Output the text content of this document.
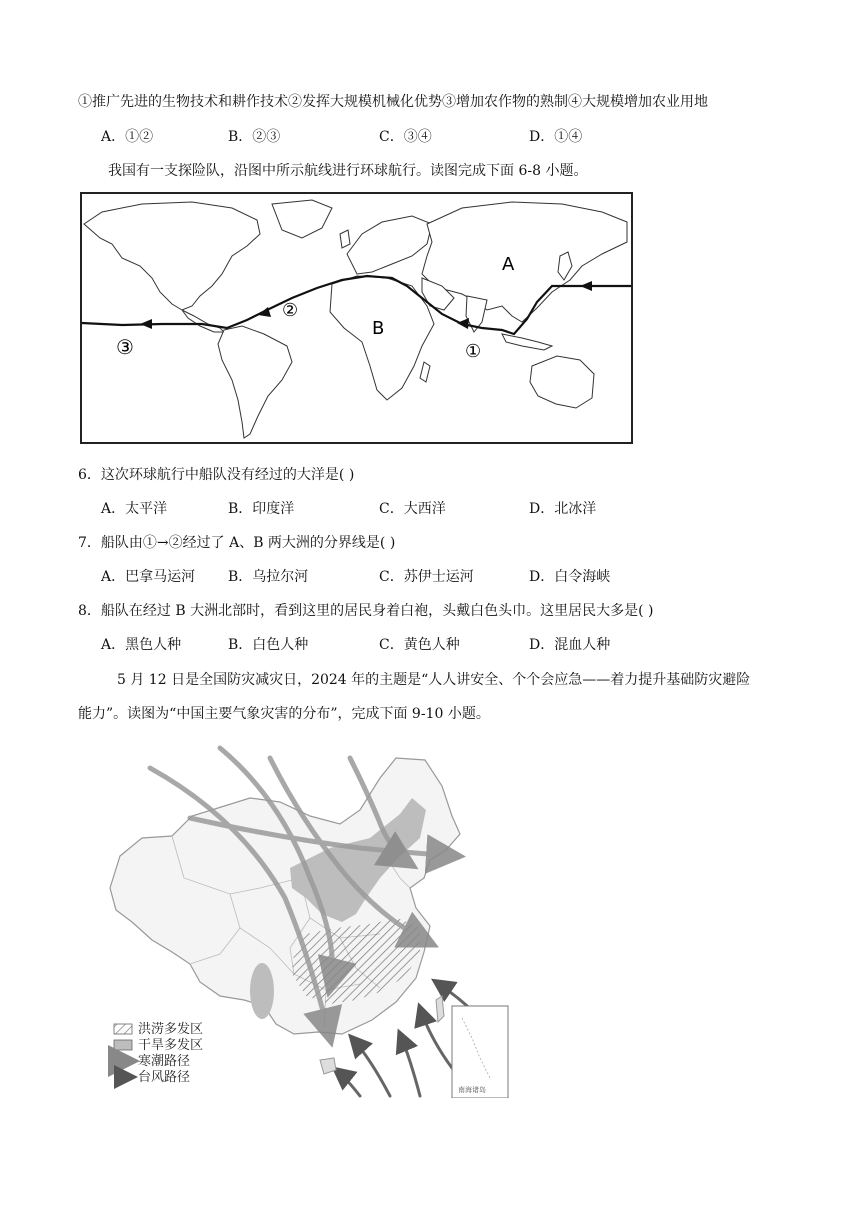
①推广先进的生物技术和耕作技术②发挥大规模机械化优势③增加农作物的熟制④大规模增加农业用地
A．①②	B．②③	C．③④	D．①④
我国有一支探险队，沿图中所示航线进行环球航行。读图完成下面 6-8 小题。
A
B
①
②
③
6．这次环球航行中船队没有经过的大洋是( )
A．太平洋	B．印度洋	C．大西洋	D．北冰洋
7．船队由①→②经过了 A、B 两大洲的分界线是( )
A．巴拿马运河 B．乌拉尔河	C．苏伊士运河	D．白令海峡
8．船队在经过 B 大洲北部时，看到这里的居民身着白袍，头戴白色头巾。这里居民大多是( )
A．黑色人种	B．白色人种	C．黄色人种	D．混血人种
5 月 12 日是全国防灾减灾日，2024 年的主题是“人人讲安全、个个会应急——着力提升基础防灾避险
能力”。读图为“中国主要气象灾害的分布”，完成下面 9-10 小题。
南海诸岛
洪涝多发区
干旱多发区
寒潮路径
台风路径
